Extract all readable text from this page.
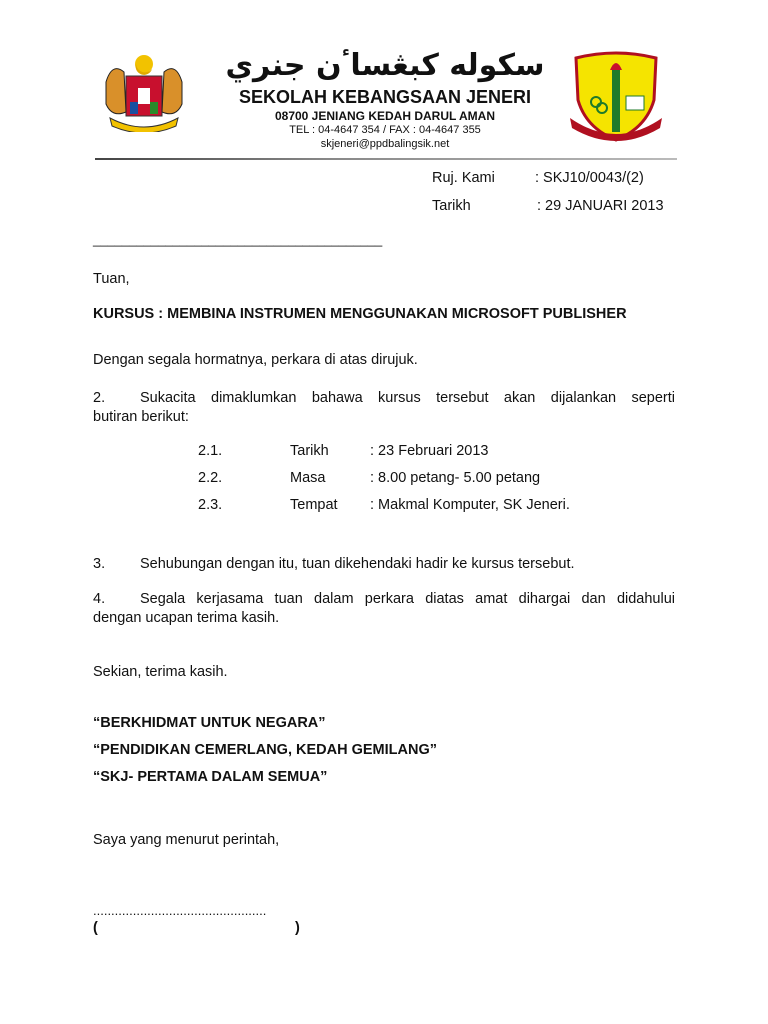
سکوله کبڠساٴن جنري
SEKOLAH KEBANGSAAN JENERI
08700 JENIANG KEDAH DARUL AMAN
TEL : 04-4647 354 / FAX : 04-4647 355
skjeneri@ppdbalingsik.net
Ruj. Kami	: SKJ10/0043/(2)
Tarikh	: 29 JANUARI 2013
________________________________________
Tuan,
KURSUS : MEMBINA INSTRUMEN MENGGUNAKAN MICROSOFT PUBLISHER
Dengan segala hormatnya, perkara di atas dirujuk.
2. Sukacita dimaklumkan bahawa kursus tersebut akan dijalankan seperti
butiran berikut:
2.1.	Tarikh	: 23 Februari 2013
2.2.	Masa	: 8.00 petang- 5.00 petang
2.3.	Tempat : Makmal Komputer, SK Jeneri.
3. Sehubungan dengan itu, tuan dikehendaki hadir ke kursus tersebut.
4. Segala kerjasama tuan dalam perkara diatas amat dihargai dan didahului
dengan ucapan terima kasih.
Sekian, terima kasih.
“BERKHIDMAT UNTUK NEGARA”
“PENDIDIKAN CEMERLANG, KEDAH GEMILANG”
“SKJ- PERTAMA DALAM SEMUA”
Saya yang menurut perintah,
................................................
(	)
